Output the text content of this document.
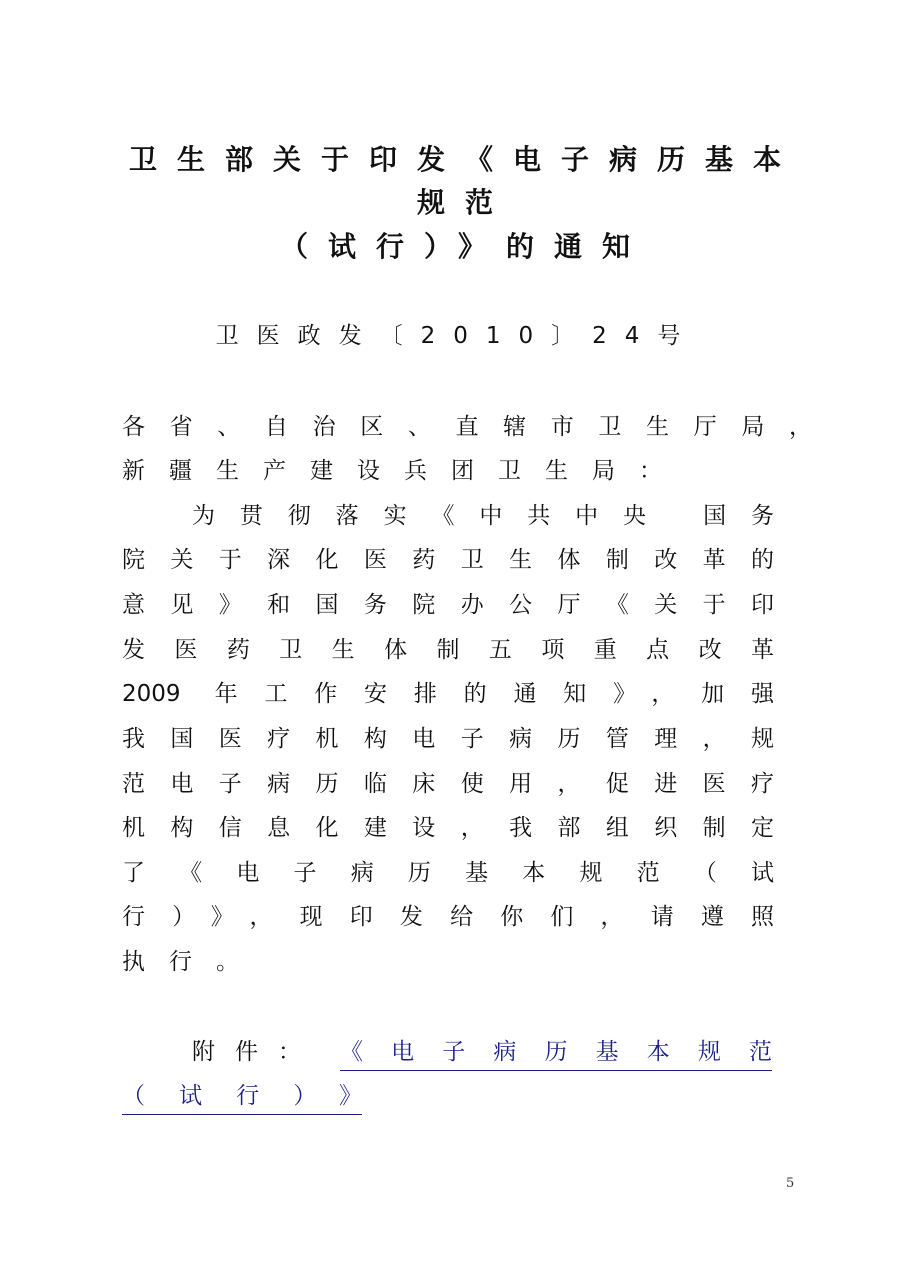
卫生部关于印发《电子病历基本
规范
（试行）》的通知
卫医政发〔2010〕24号
各省、自治区、直辖市卫生厅局，
新疆生产建设兵团卫生局：
为贯彻落实《中共中央 国务
院关于深化医药卫生体制改革的
意见》和国务院办公厅《关于印
发医药卫生体制五项重点改革
2009 年工作安排的通知》，加强
我国医疗机构电子病历管理，规
范电子病历临床使用，促进医疗
机构信息化建设，我部组织制定
了《电子病历基本规范（试
行）》，现印发给你们，请遵照
执行。
附件： 《电子病历基本规范
（试行）》
5
